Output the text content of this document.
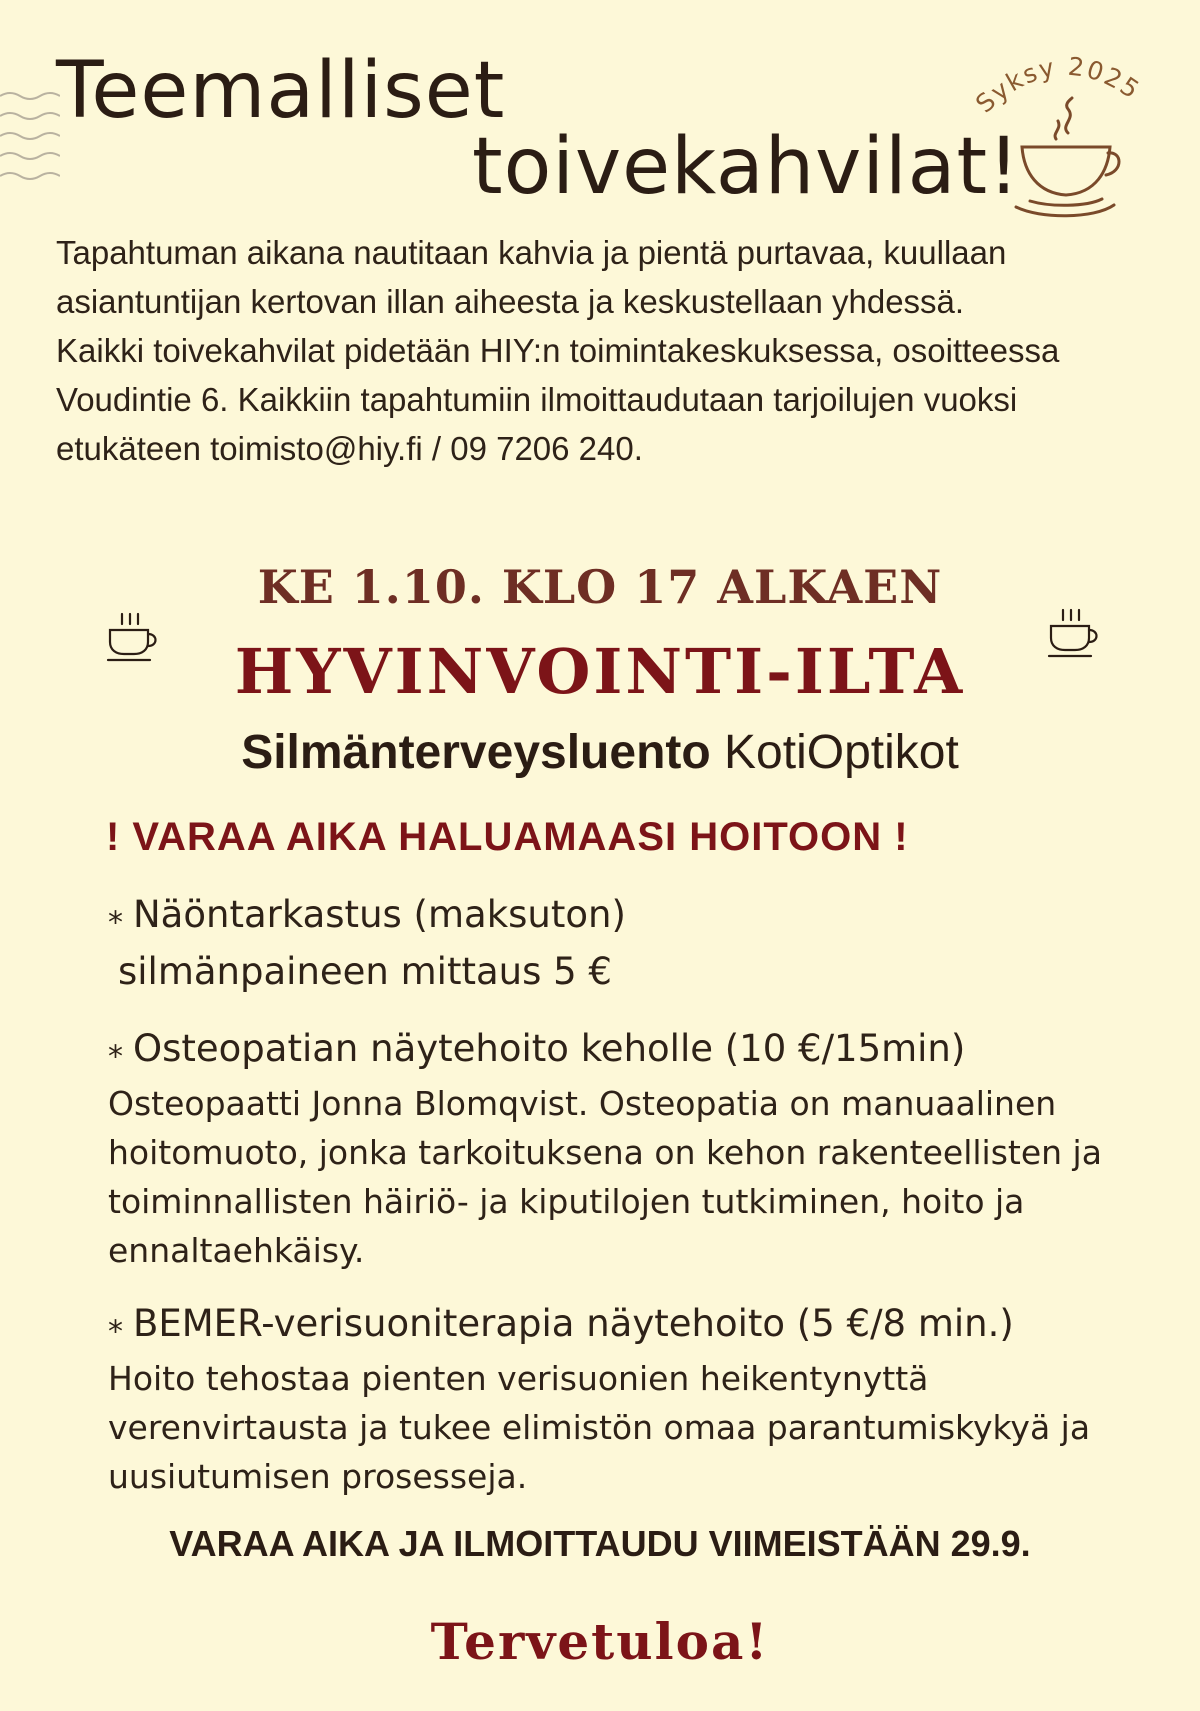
Teemalliset
toivekahvilat!
Syksy 2025

Tapahtuman aikana nautitaan kahvia ja pientä purtavaa, kuullaan asiantuntijan kertovan illan aiheesta ja keskustellaan yhdessä.

Kaikki toivekahvilat pidetään HIY:n toimintakeskuksessa, osoitteessa Voudintie 6. Kaikkiin tapahtumiin ilmoittaudutaan tarjoilujen vuoksi etukäteen toimisto@hiy.fi / 09 7206 240.

KE 1.10. KLO 17 ALKAEN
HYVINVOINTI-ILTA
Silmänterveysluento KotiOptikot
! VARAA AIKA HALUAMAASI HOITOON !
⁎ Näöntarkastus (maksuton)
silmänpaineen mittaus 5 €
⁎ Osteopatian näytehoito keholle (10 €/15min)
Osteopaatti Jonna Blomqvist. Osteopatia on manuaalinen hoitomuoto, jonka tarkoituksena on kehon rakenteellisten ja toiminnallisten häiriö- ja kiputilojen tutkiminen, hoito ja ennaltaehkäisy.
⁎ BEMER-verisuoniterapia näytehoito (5 €/8 min.)
Hoito tehostaa pienten verisuonien heikentynyttä verenvirtausta ja tukee elimistön omaa parantumiskykyä ja uusiutumisen prosesseja.
VARAA AIKA JA ILMOITTAUDU VIIMEISTÄÄN 29.9.
Tervetuloa!
